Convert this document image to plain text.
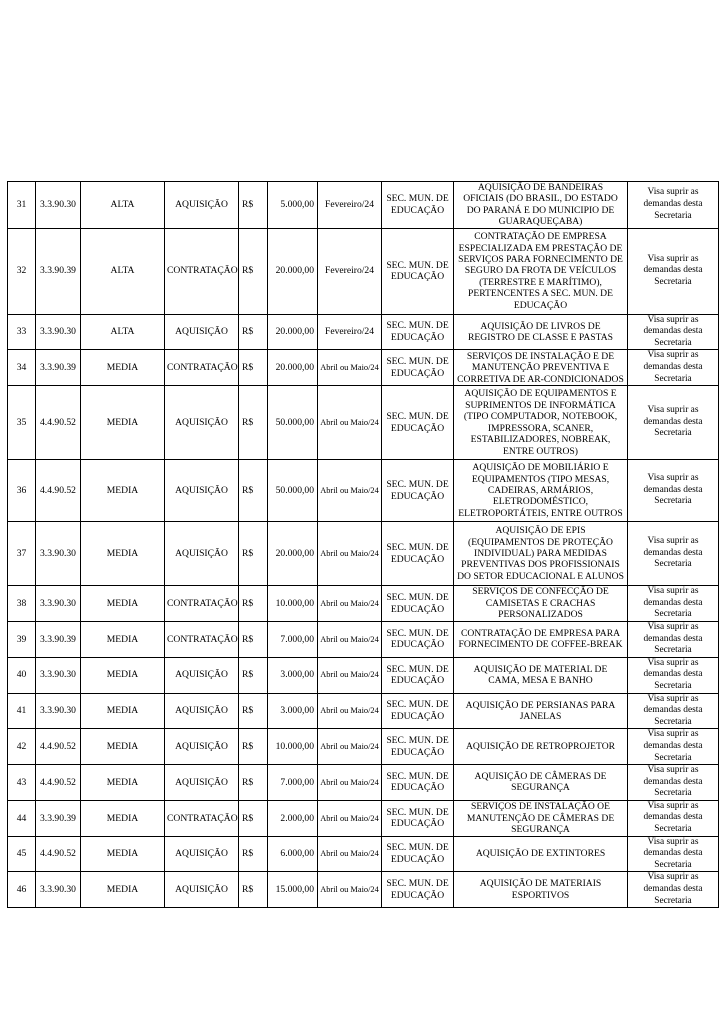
31	3.3.90.30	ALTA	AQUISIÇÃO	R$	5.000,00	Fevereiro/24	SEC. MUN. DE EDUCAÇÃO	AQUISIÇÃO DE BANDEIRAS OFICIAIS (DO BRASIL, DO ESTADO DO PARANÁ E DO MUNICIPIO DE GUARAQUEÇABA)	Visa suprir as demandas desta Secretaria
32	3.3.90.39	ALTA	CONTRATAÇÃO	R$	20.000,00	Fevereiro/24	SEC. MUN. DE EDUCAÇÃO	CONTRATAÇÃO DE EMPRESA ESPECIALIZADA EM PRESTAÇÃO DE SERVIÇOS PARA FORNECIMENTO DE SEGURO DA FROTA DE VEÍCULOS (TERRESTRE E MARÍTIMO), PERTENCENTES A SEC. MUN. DE EDUCAÇÃO	Visa suprir as demandas desta Secretaria
33	3.3.90.30	ALTA	AQUISIÇÃO	R$	20.000,00	Fevereiro/24	SEC. MUN. DE EDUCAÇÃO	AQUISIÇÃO DE LIVROS DE REGISTRO DE CLASSE E PASTAS	Visa suprir as demandas desta Secretaria
34	3.3.90.39	MEDIA	CONTRATAÇÃO	R$	20.000,00	Abril ou Maio/24	SEC. MUN. DE EDUCAÇÃO	SERVIÇOS DE INSTALAÇÃO E DE MANUTENÇÃO PREVENTIVA E CORRETIVA DE AR-CONDICIONADOS	Visa suprir as demandas desta Secretaria
35	4.4.90.52	MEDIA	AQUISIÇÃO	R$	50.000,00	Abril ou Maio/24	SEC. MUN. DE EDUCAÇÃO	AQUISIÇÃO DE EQUIPAMENTOS E SUPRIMENTOS DE INFORMÁTICA (TIPO COMPUTADOR, NOTEBOOK, IMPRESSORA, SCANER, ESTABILIZADORES, NOBREAK, ENTRE OUTROS)	Visa suprir as demandas desta Secretaria
36	4.4.90.52	MEDIA	AQUISIÇÃO	R$	50.000,00	Abril ou Maio/24	SEC. MUN. DE EDUCAÇÃO	AQUISIÇÃO DE MOBILIÁRIO E EQUIPAMENTOS (TIPO MESAS, CADEIRAS, ARMÁRIOS, ELETRODOMÉSTICO, ELETROPORTÁTEIS, ENTRE OUTROS	Visa suprir as demandas desta Secretaria
37	3.3.90.30	MEDIA	AQUISIÇÃO	R$	20.000,00	Abril ou Maio/24	SEC. MUN. DE EDUCAÇÃO	AQUISIÇÃO DE EPIS (EQUIPAMENTOS DE PROTEÇÃO INDIVIDUAL) PARA MEDIDAS PREVENTIVAS DOS PROFISSIONAIS DO SETOR EDUCACIONAL E ALUNOS	Visa suprir as demandas desta Secretaria
38	3.3.90.30	MEDIA	CONTRATAÇÃO	R$	10.000,00	Abril ou Maio/24	SEC. MUN. DE EDUCAÇÃO	SERVIÇOS DE CONFECÇÃO DE CAMISETAS E CRACHAS PERSONALIZADOS	Visa suprir as demandas desta Secretaria
39	3.3.90.39	MEDIA	CONTRATAÇÃO	R$	7.000,00	Abril ou Maio/24	SEC. MUN. DE EDUCAÇÃO	CONTRATAÇÃO DE EMPRESA PARA FORNECIMENTO DE COFFEE-BREAK	Visa suprir as demandas desta Secretaria
40	3.3.90.30	MEDIA	AQUISIÇÃO	R$	3.000,00	Abril ou Maio/24	SEC. MUN. DE EDUCAÇÃO	AQUISIÇÃO DE MATERIAL DE CAMA, MESA E BANHO	Visa suprir as demandas desta Secretaria
41	3.3.90.30	MEDIA	AQUISIÇÃO	R$	3.000,00	Abril ou Maio/24	SEC. MUN. DE EDUCAÇÃO	AQUISIÇÃO DE PERSIANAS PARA JANELAS	Visa suprir as demandas desta Secretaria
42	4.4.90.52	MEDIA	AQUISIÇÃO	R$	10.000,00	Abril ou Maio/24	SEC. MUN. DE EDUCAÇÃO	AQUISIÇÃO DE RETROPROJETOR	Visa suprir as demandas desta Secretaria
43	4.4.90.52	MEDIA	AQUISIÇÃO	R$	7.000,00	Abril ou Maio/24	SEC. MUN. DE EDUCAÇÃO	AQUISIÇÃO DE CÂMERAS DE SEGURANÇA	Visa suprir as demandas desta Secretaria
44	3.3.90.39	MEDIA	CONTRATAÇÃO	R$	2.000,00	Abril ou Maio/24	SEC. MUN. DE EDUCAÇÃO	SERVIÇOS DE INSTALAÇÃO OE MANUTENÇÃO DE CÂMERAS DE SEGURANÇA	Visa suprir as demandas desta Secretaria
45	4.4.90.52	MEDIA	AQUISIÇÃO	R$	6.000,00	Abril ou Maio/24	SEC. MUN. DE EDUCAÇÃO	AQUISIÇÃO DE EXTINTORES	Visa suprir as demandas desta Secretaria
46	3.3.90.30	MEDIA	AQUISIÇÃO	R$	15.000,00	Abril ou Maio/24	SEC. MUN. DE EDUCAÇÃO	AQUISIÇÃO DE MATERIAIS ESPORTIVOS	Visa suprir as demandas desta Secretaria
